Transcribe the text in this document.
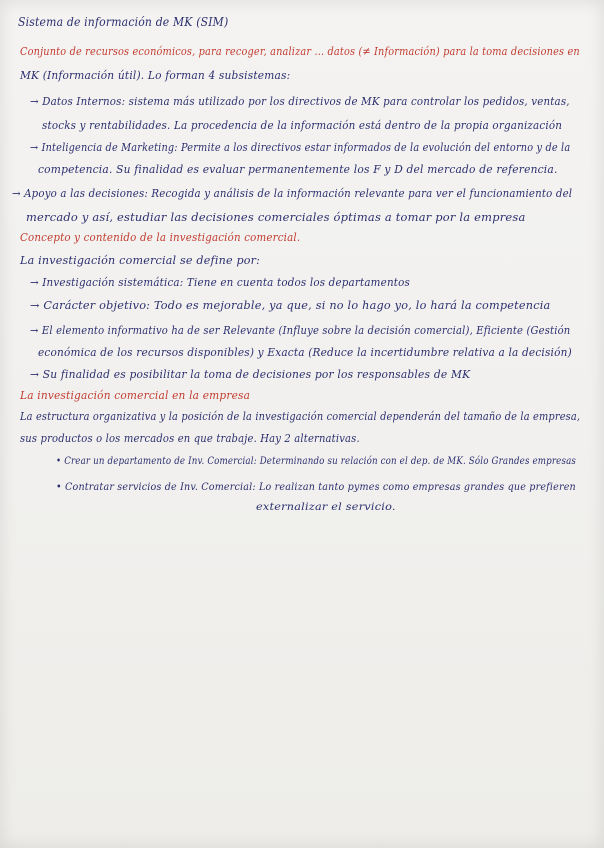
Sistema de información de MK (SIM)
Conjunto de recursos económicos, para recoger, analizar ... datos (≠ Información) para la toma decisiones en
MK (Información útil). Lo forman 4 subsistemas:
→ Datos Internos: sistema más utilizado por los directivos de MK para controlar los pedidos, ventas,
stocks y rentabilidades. La procedencia de la información está dentro de la propia organización
→ Inteligencia de Marketing: Permite a los directivos estar informados de la evolución del entorno y de la
competencia. Su finalidad es evaluar permanentemente los F y D del mercado de referencia.
→ Apoyo a las decisiones: Recogida y análisis de la información relevante para ver el funcionamiento del
mercado y así, estudiar las decisiones comerciales óptimas a tomar por la empresa
Concepto y contenido de la investigación comercial.
La investigación comercial se define por:
→ Investigación sistemática: Tiene en cuenta todos los departamentos
→ Carácter objetivo: Todo es mejorable, ya que, si no lo hago yo, lo hará la competencia
→ El elemento informativo ha de ser Relevante (Influye sobre la decisión comercial), Eficiente (Gestión
económica de los recursos disponibles) y Exacta (Reduce la incertidumbre relativa a la decisión)
→ Su finalidad es posibilitar la toma de decisiones por los responsables de MK
La investigación comercial en la empresa
La estructura organizativa y la posición de la investigación comercial dependerán del tamaño de la empresa,
sus productos o los mercados en que trabaje. Hay 2 alternativas.
• Crear un departamento de Inv. Comercial: Determinando su relación con el dep. de MK. Sólo Grandes empresas
• Contratar servicios de Inv. Comercial: Lo realizan tanto pymes como empresas grandes que prefieren
externalizar el servicio.
